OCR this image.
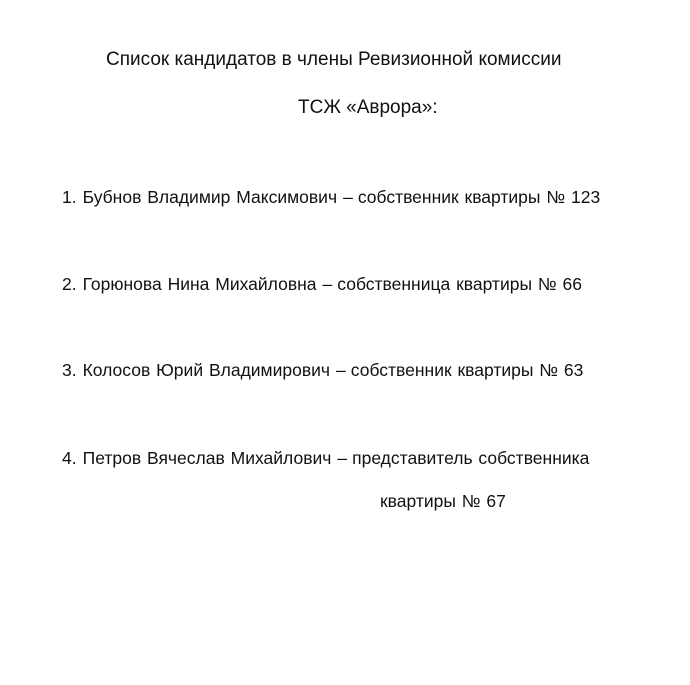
Список кандидатов в члены Ревизионной комиссии
ТСЖ «Аврора»:
1. Бубнов Владимир Максимович – собственник квартиры № 123
2. Горюнова Нина Михайловна – собственница квартиры № 66
3. Колосов Юрий Владимирович – собственник квартиры № 63
4. Петров Вячеслав Михайлович – представитель собственника
квартиры № 67
